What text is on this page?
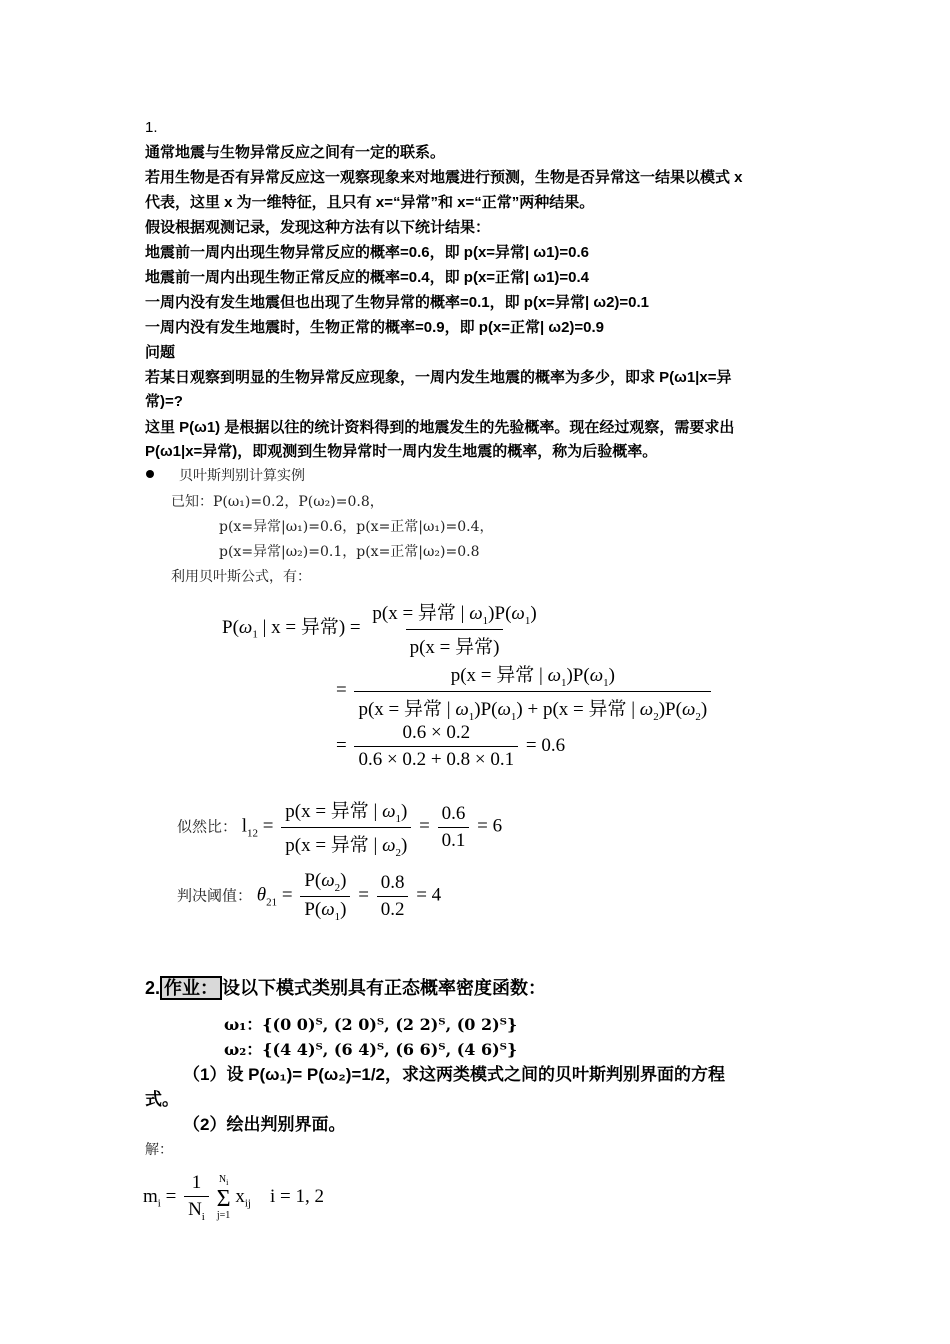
1.
通常地震与生物异常反应之间有一定的联系。
若用生物是否有异常反应这一观察现象来对地震进行预测，生物是否异常这一结果以模式 x
代表，这里 x 为一维特征，且只有 x=“异常”和 x=“正常”两种结果。
假设根据观测记录，发现这种方法有以下统计结果：
地震前一周内出现生物异常反应的概率=0.6，即 p(x=异常| ω1)=0.6
地震前一周内出现生物正常反应的概率=0.4，即 p(x=正常| ω1)=0.4
一周内没有发生地震但也出现了生物异常的概率=0.1，即 p(x=异常| ω2)=0.1
一周内没有发生地震时，生物正常的概率=0.9，即 p(x=正常| ω2)=0.9
问题
若某日观察到明显的生物异常反应现象，一周内发生地震的概率为多少，即求 P(ω1|x=异
常)=?
这里 P(ω1) 是根据以往的统计资料得到的地震发生的先验概率。现在经过观察，需要求出
P(ω1|x=异常)，即观测到生物异常时一周内发生地震的概率，称为后验概率。
贝叶斯判别计算实例
已知：P(ω₁)=0.2，P(ω₂)=0.8，
p(x=异常|ω₁)=0.6，p(x=正常|ω₁)=0.4，
p(x=异常|ω₂)=0.1，p(x=正常|ω₂)=0.8
利用贝叶斯公式，有：
$P(\omega_1$ | x = 异常) = $\frac{p(x = 异常 | \omega_1)P(\omega_1)}{\text{p(x = 异常)}}$
= $\frac{p(x = 异常 | \omega_1)P(\omega_1)}{p(x = 异常 | \omega_1)P(\omega_1) + p(x = 异常 | \omega_2)P(\omega_2)}$
= $\frac{0.6 \times 0.2}{0.6 \times 0.2 + 0.8 \times 0.1} = 0.6$
似然比： $l_{12} = \frac{p(x = 异常 | \omega_1)}{p(x = 异常 | \omega_2)} = \frac{0.6}{0.1} = 6$
判决阈值： $\theta_{21} = \frac{P(\omega_2)}{P(\omega_1)} = \frac{0.8}{0.2} = 4$
2. 作业： 设以下模式类别具有正态概率密度函数：
ω₁：{(0 0)ᵀ, (2 0)ᵀ, (2 2)ᵀ, (0 2)ᵀ}
ω₂：{(4 4)ᵀ, (6 4)ᵀ, (6 6)ᵀ, (4 6)ᵀ}
（1）设 P(ω₁)= P(ω₂)=1/2，求这两类模式之间的贝叶斯判别界面的方程
式。
（2）绘出判别界面。
解：
$m_i = \frac{1}{N_i}$
$N_i$
Σ
j=1
$x_{ij}$ i = 1, 2
